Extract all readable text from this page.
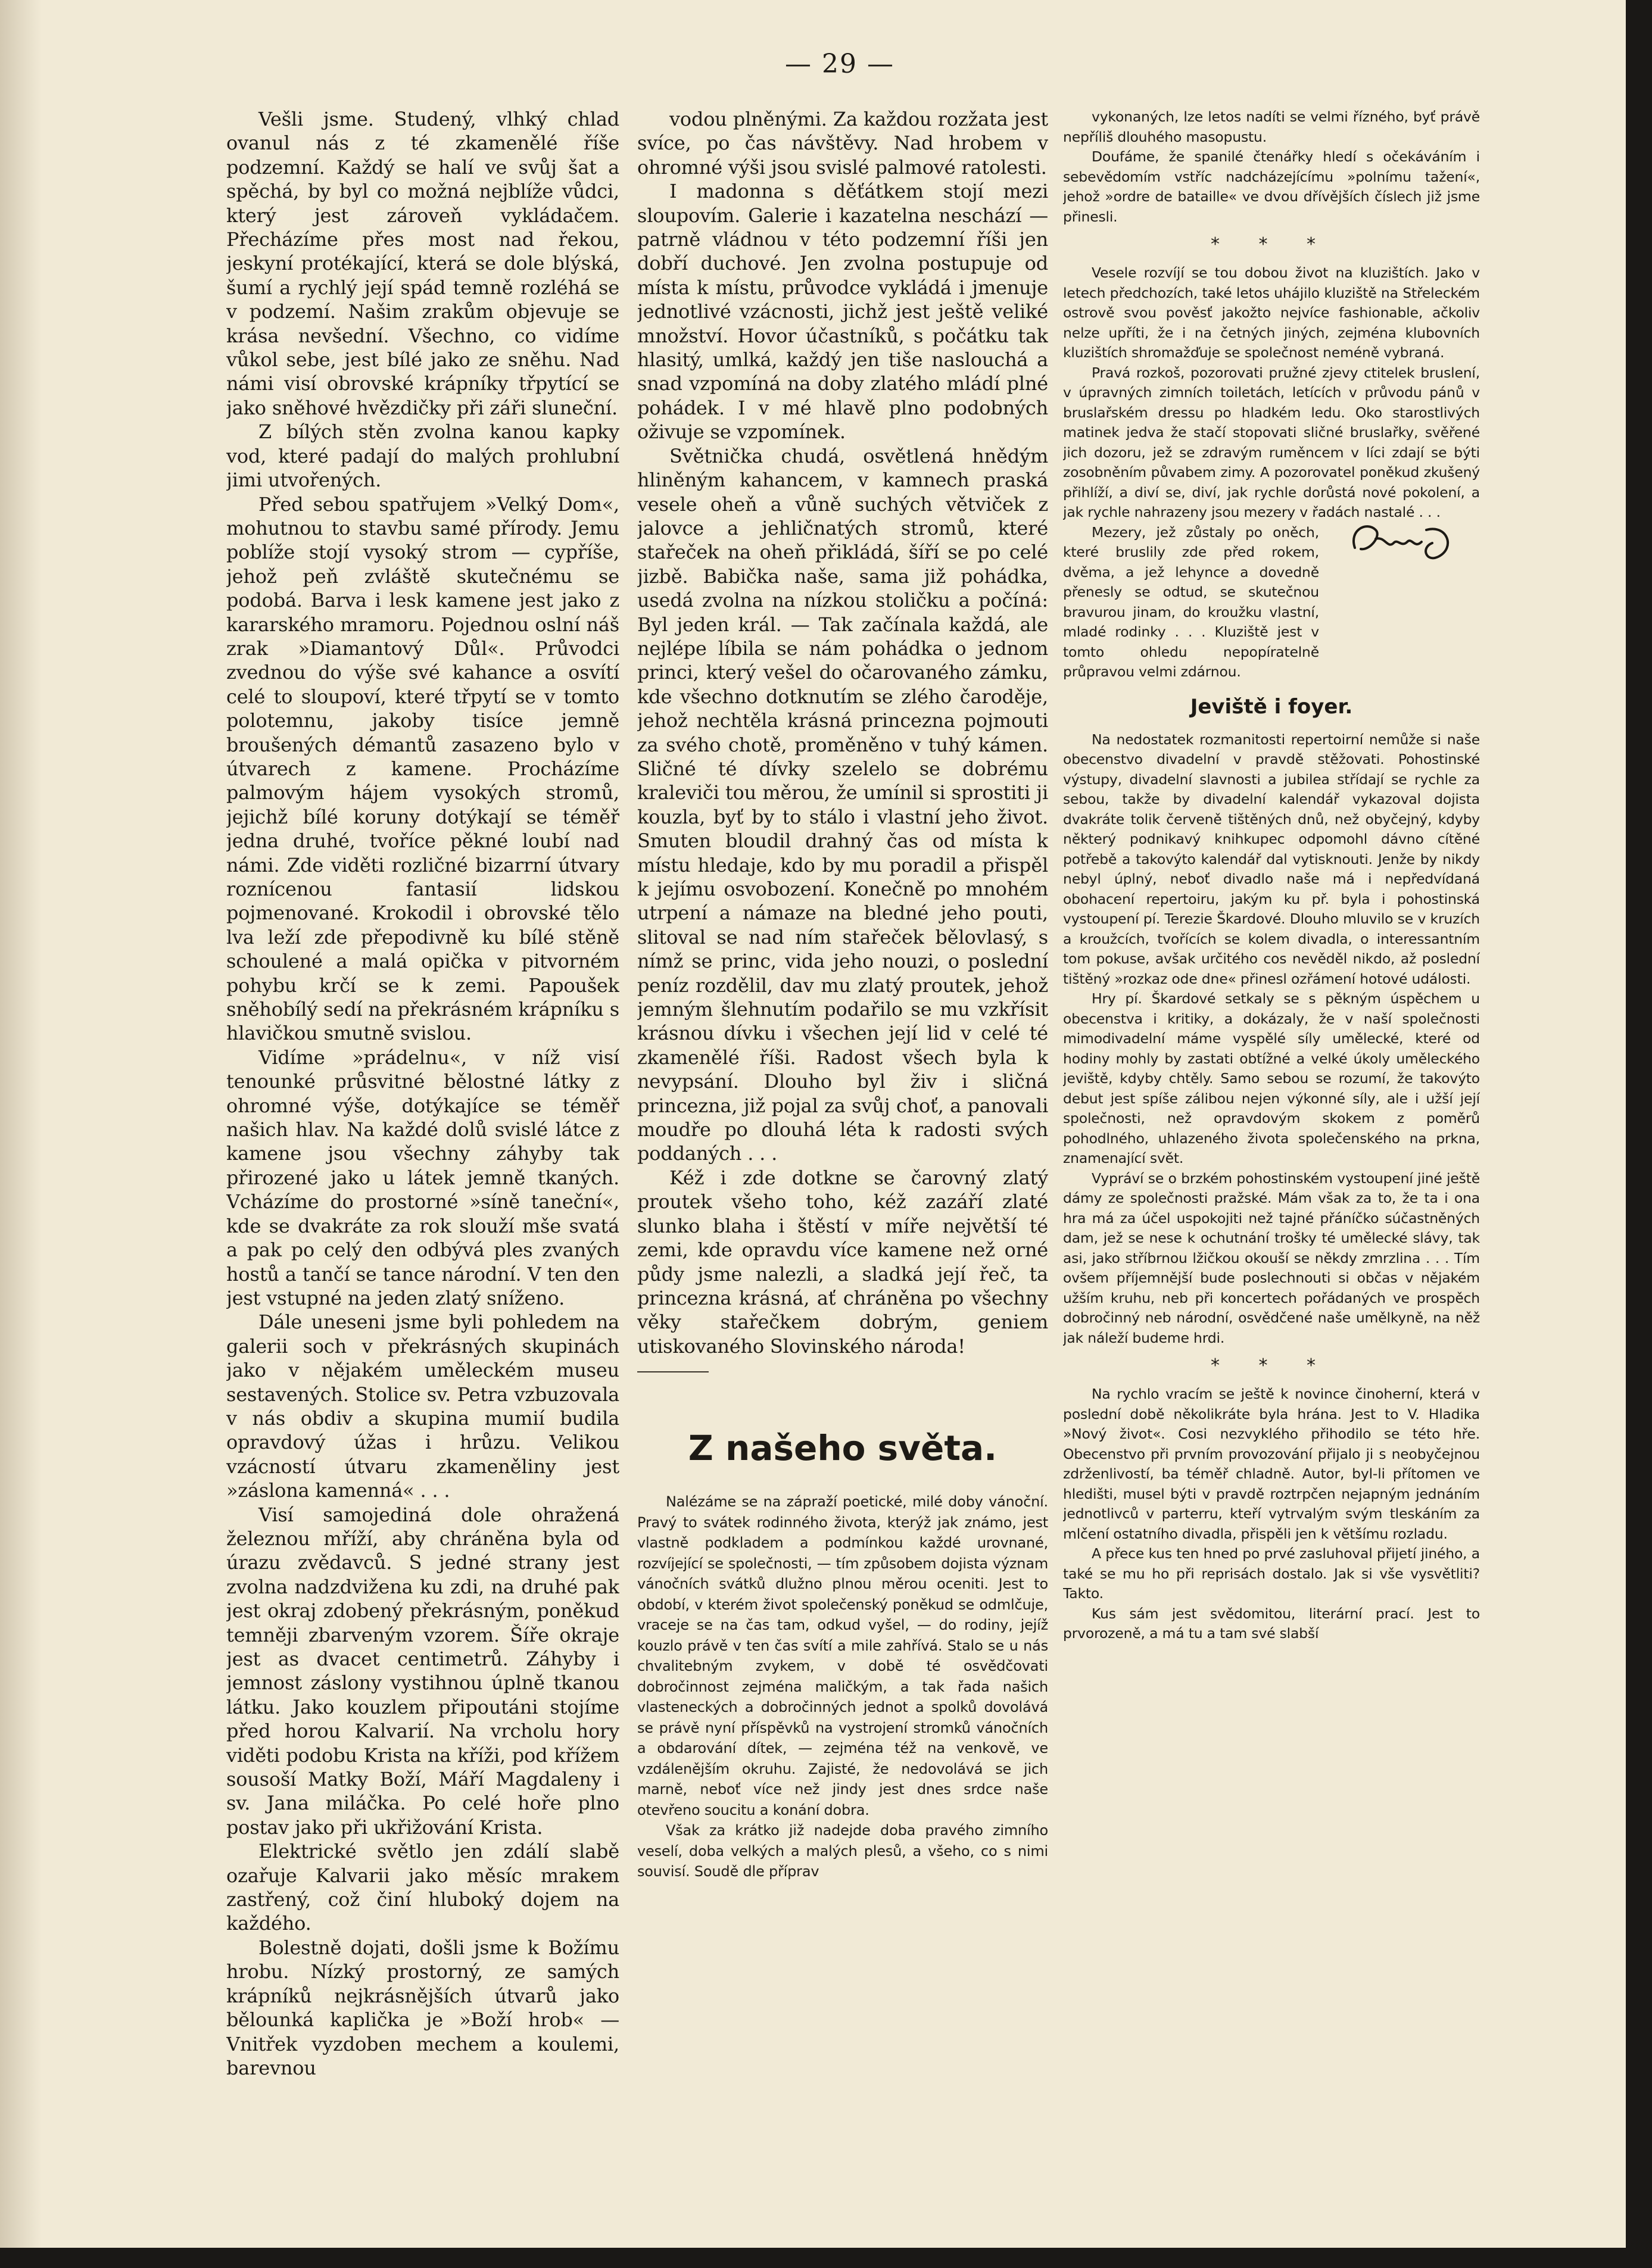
— 29 —

Vešli jsme. Studený, vlhký chlad ovanul nás z té zkamenělé říše podzemní. Každý se halí ve svůj šat a spěchá, by byl co možná nejblíže vůdci, který jest zároveň vykládačem. Přecházíme přes most nad řekou, jeskyní protékající, která se dole blýská, šumí a rychlý její spád temně rozléhá se v podzemí. Našim zrakům objevuje se krása nevšední. Všechno, co vidíme vůkol sebe, jest bílé jako ze sněhu. Nad námi visí obrovské krápníky třpytící se jako sněhové hvězdičky při záři sluneční.

Z bílých stěn zvolna kanou kapky vod, které padají do malých prohlubní jimi utvořených.

Před sebou spatřujem »Velký Dom«, mohutnou to stavbu samé přírody. Jemu poblíže stojí vysoký strom — cypříše, jehož peň zvláště skutečnému se podobá. Barva i lesk kamene jest jako z kararského mramoru. Pojednou oslní náš zrak »Diamantový Důl«. Průvodci zvednou do výše své kahance a osvítí celé to sloupoví, které třpytí se v tomto polotemnu, jakoby tisíce jemně broušených démantů zasazeno bylo v útvarech z kamene. Procházíme palmovým hájem vysokých stromů, jejichž bílé koruny dotýkají se téměř jedna druhé, tvoříce pěkné loubí nad námi. Zde viděti rozličné bizarrní útvary roznícenou fantasií lidskou pojmenované. Krokodil i obrovské tělo lva leží zde přepodivně ku bílé stěně schoulené a malá opička v pitvorném pohybu krčí se k zemi. Papoušek sněhobílý sedí na překrásném krápníku s hlavičkou smutně svislou.

Vidíme »prádelnu«, v níž visí tenounké průsvitné bělostné látky z ohromné výše, dotýkajíce se téměř našich hlav. Na každé dolů svislé látce z kamene jsou všechny záhyby tak přirozené jako u látek jemně tkaných. Vcházíme do prostorné »síně taneční«, kde se dvakráte za rok slouží mše svatá a pak po celý den odbývá ples zvaných hostů a tančí se tance národní. V ten den jest vstupné na jeden zlatý sníženo.

Dále uneseni jsme byli pohledem na galerii soch v překrásných skupinách jako v nějakém uměleckém museu sestavených. Stolice sv. Petra vzbuzovala v nás obdiv a skupina mumií budila opravdový úžas i hrůzu. Velikou vzácností útvaru zkameněliny jest »záslona kamenná« . . .

Visí samojediná dole ohražená železnou mříží, aby chráněna byla od úrazu zvědavců. S jedné strany jest zvolna nadzdvižena ku zdi, na druhé pak jest okraj zdobený překrásným, poněkud temněji zbarveným vzorem. Šíře okraje jest as dvacet centimetrů. Záhyby i jemnost záslony vystihnou úplně tkanou látku. Jako kouzlem připoutáni stojíme před horou Kalvarií. Na vrcholu hory viděti podobu Krista na kříži, pod křížem sousoší Matky Boží, Máří Magdaleny i sv. Jana miláčka. Po celé hoře plno postav jako při ukřižování Krista.

Elektrické světlo jen zdálí slabě ozařuje Kalvarii jako měsíc mrakem zastřený, což činí hluboký dojem na každého.

Bolestně dojati, došli jsme k Božímu hrobu. Nízký prostorný, ze samých krápníků nejkrásnějších útvarů jako bělounká kaplička je »Boží hrob« — Vnitřek vyzdoben mechem a koulemi, barevnou

vodou plněnými. Za každou rozžata jest svíce, po čas návštěvy. Nad hrobem v ohromné výši jsou svislé palmové ratolesti.

I madonna s děťátkem stojí mezi sloupovím. Galerie i kazatelna neschází — patrně vládnou v této podzemní říši jen dobří duchové. Jen zvolna postupuje od místa k místu, průvodce vykládá i jmenuje jednotlivé vzácnosti, jichž jest ještě veliké množství. Hovor účastníků, s počátku tak hlasitý, umlká, každý jen tiše naslouchá a snad vzpomíná na doby zlatého mládí plné pohádek. I v mé hlavě plno podobných oživuje se vzpomínek.

Světnička chudá, osvětlená hnědým hliněným kahancem, v kamnech praská vesele oheň a vůně suchých větviček z jalovce a jehličnatých stromů, které stařeček na oheň přikládá, šíří se po celé jizbě. Babička naše, sama již pohádka, usedá zvolna na nízkou stoličku a počíná: Byl jeden král. — Tak začínala každá, ale nejlépe líbila se nám pohádka o jednom princi, který vešel do očarovaného zámku, kde všechno dotknutím se zlého čaroděje, jehož nechtěla krásná princezna pojmouti za svého chotě, proměněno v tuhý kámen. Sličné té dívky szelelo se dobrému kraleviči tou měrou, že umínil si sprostiti ji kouzla, byť by to stálo i vlastní jeho život. Smuten bloudil drahný čas od místa k místu hledaje, kdo by mu poradil a přispěl k jejímu osvobození. Konečně po mnohém utrpení a námaze na bledné jeho pouti, slitoval se nad ním stařeček bělovlasý, s nímž se princ, vida jeho nouzi, o poslední peníz rozdělil, dav mu zlatý proutek, jehož jemným šlehnutím podařilo se mu vzkřísit krásnou dívku i všechen její lid v celé té zkamenělé říši. Radost všech byla k nevypsání. Dlouho byl živ i sličná princezna, již pojal za svůj choť, a panovali moudře po dlouhá léta k radosti svých poddaných . . .

Kéž i zde dotkne se čarovný zlatý proutek všeho toho, kéž zazáří zlaté slunko blaha i štěstí v míře největší té zemi, kde opravdu více kamene než orné půdy jsme nalezli, a sladká její řeč, ta princezna krásná, ať chráněna po všechny věky stařečkem dobrým, geniem utiskovaného Slovinského národa!

Z našeho světa.

Nalézáme se na zápraží poetické, milé doby vánoční. Pravý to svátek rodinného života, kterýž jak známo, jest vlastně podkladem a podmínkou každé urovnané, rozvíjející se společnosti, — tím způsobem dojista význam vánočních svátků dlužno plnou měrou oceniti. Jest to období, v kterém život společenský poněkud se odmlčuje, vraceje se na čas tam, odkud vyšel, — do rodiny, jejíž kouzlo právě v ten čas svítí a mile zahřívá. Stalo se u nás chvalitebným zvykem, v době té osvědčovati dobročinnost zejména maličkým, a tak řada našich vlasteneckých a dobročinných jednot a spolků dovolává se právě nyní příspěvků na vystrojení stromků vánočních a obdarování dítek, — zejména též na venkově, ve vzdálenějším okruhu. Zajisté, že nedovolává se jich marně, neboť více než jindy jest dnes srdce naše otevřeno soucitu a konání dobra.

Však za krátko již nadejde doba pravého zimního veselí, doba velkých a malých plesů, a všeho, co s nimi souvisí. Soudě dle příprav

vykonaných, lze letos nadíti se velmi řízného, byť právě nepříliš dlouhého masopustu.

Doufáme, že spanilé čtenářky hledí s očekáváním i sebevědomím vstříc nadcházejícímu »polnímu tažení«, jehož »ordre de bataille« ve dvou dřívějších číslech již jsme přinesli.

* * *

Vesele rozvíjí se tou dobou život na kluzištích. Jako v letech předchozích, také letos uhájilo kluziště na Střeleckém ostrově svou pověsť jakožto nejvíce fashionable, ačkoliv nelze upříti, že i na četných jiných, zejména klubovních kluzištích shromažďuje se společnost neméně vybraná.

Pravá rozkoš, pozorovati pružné zjevy ctitelek bruslení, v úpravných zimních toiletách, letících v průvodu pánů v bruslařském dressu po hladkém ledu. Oko starostlivých matinek jedva že stačí stopovati sličné bruslařky, svěřené jich dozoru, jež se zdravým ruměncem v líci zdají se býti zosobněním půvabem zimy. A pozorovatel poněkud zkušený přihlíží, a diví se, diví, jak rychle dorůstá nové pokolení, a jak rychle nahrazeny jsou mezery v řadách nastalé . . .

Mezery, jež zůstaly po oněch, které bruslily zde před rokem, dvěma, a jež lehynce a dovedně přenesly se odtud, se skutečnou bravurou jinam, do kroužku vlastní, mladé rodinky . . . Kluziště jest v tomto ohledu nepopíratelně průpravou velmi zdárnou.

Jeviště i foyer.

Na nedostatek rozmanitosti repertoirní nemůže si naše obecenstvo divadelní v pravdě stěžovati. Pohostinské výstupy, divadelní slavnosti a jubilea střídají se rychle za sebou, takže by divadelní kalendář vykazoval dojista dvakráte tolik červeně tištěných dnů, než obyčejný, kdyby některý podnikavý knihkupec odpomohl dávno cítěné potřebě a takovýto kalendář dal vytisknouti. Jenže by nikdy nebyl úplný, neboť divadlo naše má i nepředvídaná obohacení repertoiru, jakým ku př. byla i pohostinská vystoupení pí. Terezie Škardové. Dlouho mluvilo se v kruzích a kroužcích, tvořících se kolem divadla, o interessantním tom pokuse, avšak určitého cos nevěděl nikdo, až poslední tištěný »rozkaz ode dne« přinesl ozřámení hotové události.

Hry pí. Škardové setkaly se s pěkným úspěchem u obecenstva i kritiky, a dokázaly, že v naší společnosti mimodivadelní máme vyspělé síly umělecké, které od hodiny mohly by zastati obtížné a velké úkoly uměleckého jeviště, kdyby chtěly. Samo sebou se rozumí, že takovýto debut jest spíše zálibou nejen výkonné síly, ale i užší její společnosti, než opravdovým skokem z poměrů pohodlného, uhlazeného života společenského na prkna, znamenající svět.

Vypráví se o brzkém pohostinském vystoupení jiné ještě dámy ze společnosti pražské. Mám však za to, že ta i ona hra má za účel uspokojiti než tajné přáníčko súčastněných dam, jež se nese k ochutnání trošky té umělecké slávy, tak asi, jako stříbrnou lžičkou okouší se někdy zmrzlina . . . Tím ovšem příjemnější bude poslechnouti si občas v nějakém užším kruhu, neb při koncertech pořádaných ve prospěch dobročinný neb národní, osvědčené naše umělkyně, na něž jak náleží budeme hrdi.

* * *

Na rychlo vracím se ještě k novince činoherní, která v poslední době několikráte byla hrána. Jest to V. Hladika »Nový život«. Cosi nezvyklého přihodilo se této hře. Obecenstvo při prvním provozování přijalo ji s neobyčejnou zdrženlivostí, ba téměř chladně. Autor, byl-li přítomen ve hledišti, musel býti v pravdě roztrpčen nejapným jednáním jednotlivců v parterru, kteří vytrvalým svým tleskáním za mlčení ostatního divadla, přispěli jen k většímu rozladu.

A přece kus ten hned po prvé zasluhoval přijetí jiného, a také se mu ho při reprisách dostalo. Jak si vše vysvětliti? Takto.

Kus sám jest svědomitou, literární prací. Jest to prvorozeně, a má tu a tam své slabší
